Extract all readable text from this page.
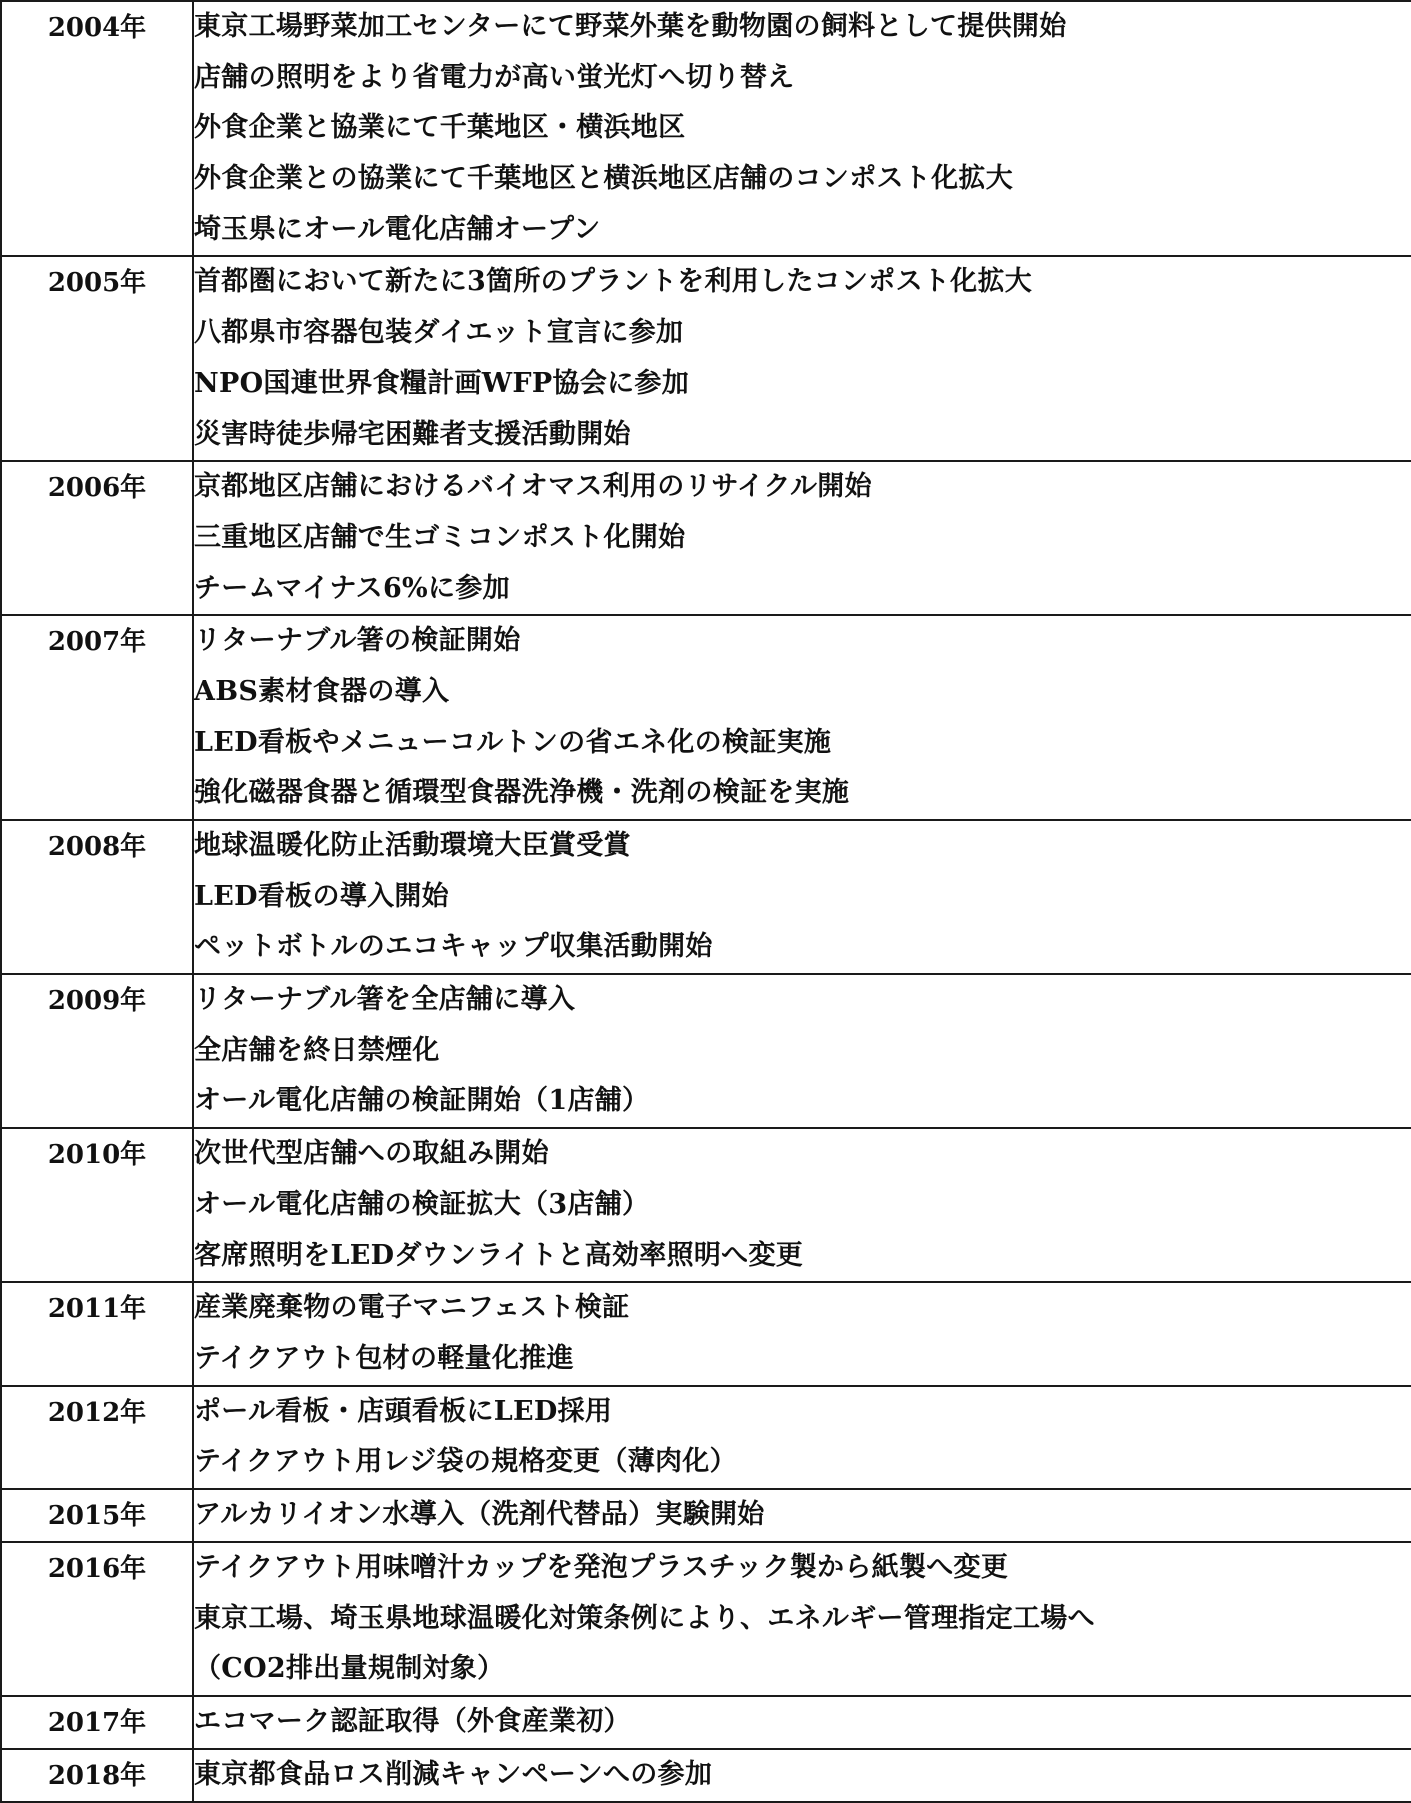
2004年	東京工場野菜加工センターにて野菜外葉を動物園の飼料として提供開始
店舗の照明をより省電力が高い蛍光灯へ切り替え
外食企業と協業にて千葉地区・横浜地区
外食企業との協業にて千葉地区と横浜地区店舗のコンポスト化拡大
埼玉県にオール電化店舗オープン

2005年	首都圏において新たに3箇所のプラントを利用したコンポスト化拡大
八都県市容器包装ダイエット宣言に参加
NPO国連世界食糧計画WFP協会に参加
災害時徒歩帰宅困難者支援活動開始

2006年	京都地区店舗におけるバイオマス利用のリサイクル開始
三重地区店舗で生ゴミコンポスト化開始
チームマイナス6%に参加

2007年	リターナブル箸の検証開始
ABS素材食器の導入
LED看板やメニューコルトンの省エネ化の検証実施
強化磁器食器と循環型食器洗浄機・洗剤の検証を実施

2008年	地球温暖化防止活動環境大臣賞受賞
LED看板の導入開始
ペットボトルのエコキャップ収集活動開始

2009年	リターナブル箸を全店舗に導入
全店舗を終日禁煙化
オール電化店舗の検証開始（1店舗）

2010年	次世代型店舗への取組み開始
オール電化店舗の検証拡大（3店舗）
客席照明をLEDダウンライトと高効率照明へ変更

2011年	産業廃棄物の電子マニフェスト検証
テイクアウト包材の軽量化推進

2012年	ポール看板・店頭看板にLED採用
テイクアウト用レジ袋の規格変更（薄肉化）

2015年	アルカリイオン水導入（洗剤代替品）実験開始

2016年	テイクアウト用味噌汁カップを発泡プラスチック製から紙製へ変更
東京工場、埼玉県地球温暖化対策条例により、エネルギー管理指定工場へ
（CO2排出量規制対象）

2017年	エコマーク認証取得（外食産業初）

2018年	東京都食品ロス削減キャンペーンへの参加
